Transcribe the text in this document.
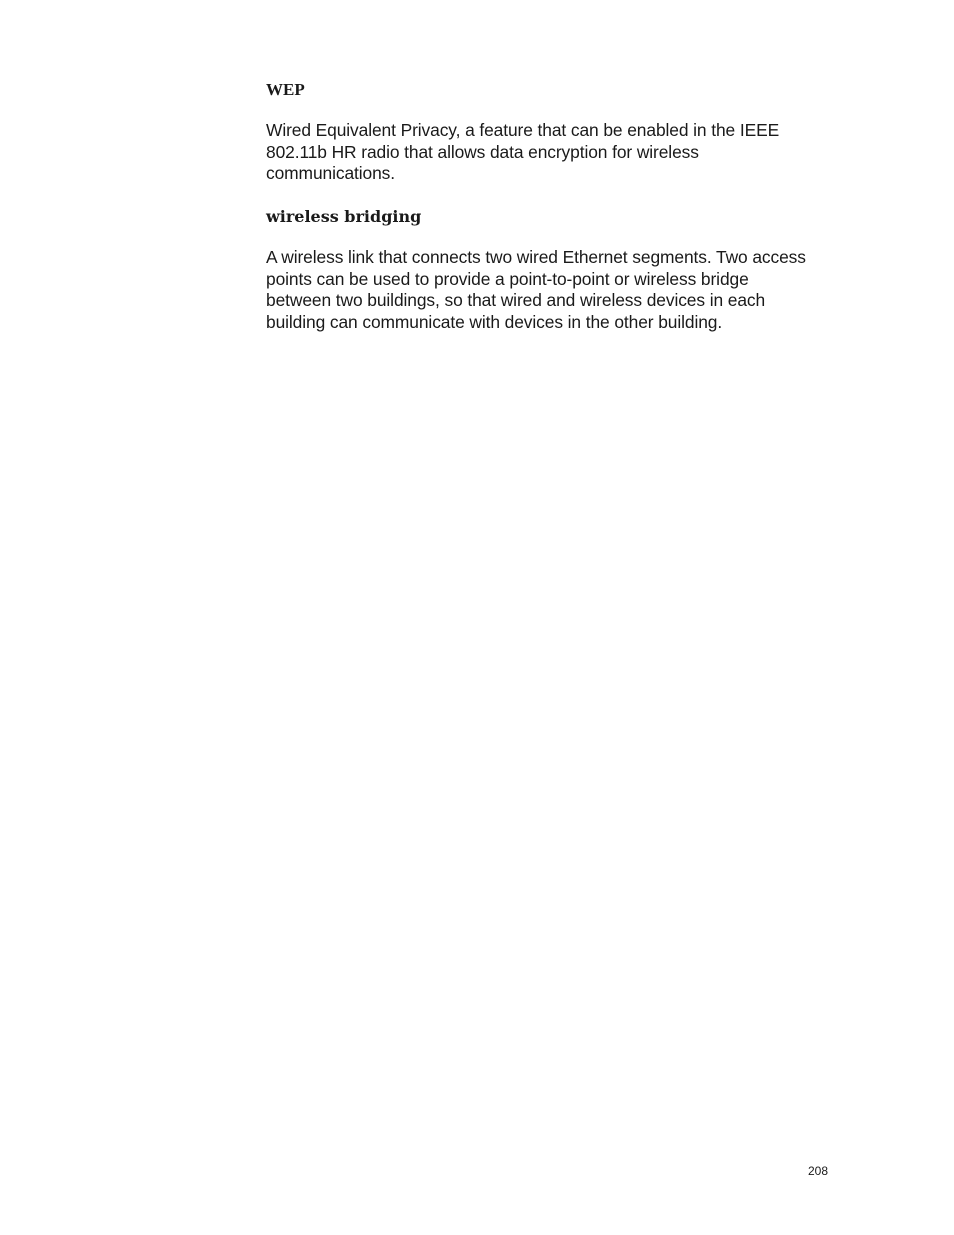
WEP

Wired Equivalent Privacy, a feature that can be enabled in the IEEE
802.11b HR radio that allows data encryption for wireless
communications.

wireless bridging

A wireless link that connects two wired Ethernet segments. Two access
points can be used to provide a point-to-point or wireless bridge
between two buildings, so that wired and wireless devices in each
building can communicate with devices in the other building.

208
